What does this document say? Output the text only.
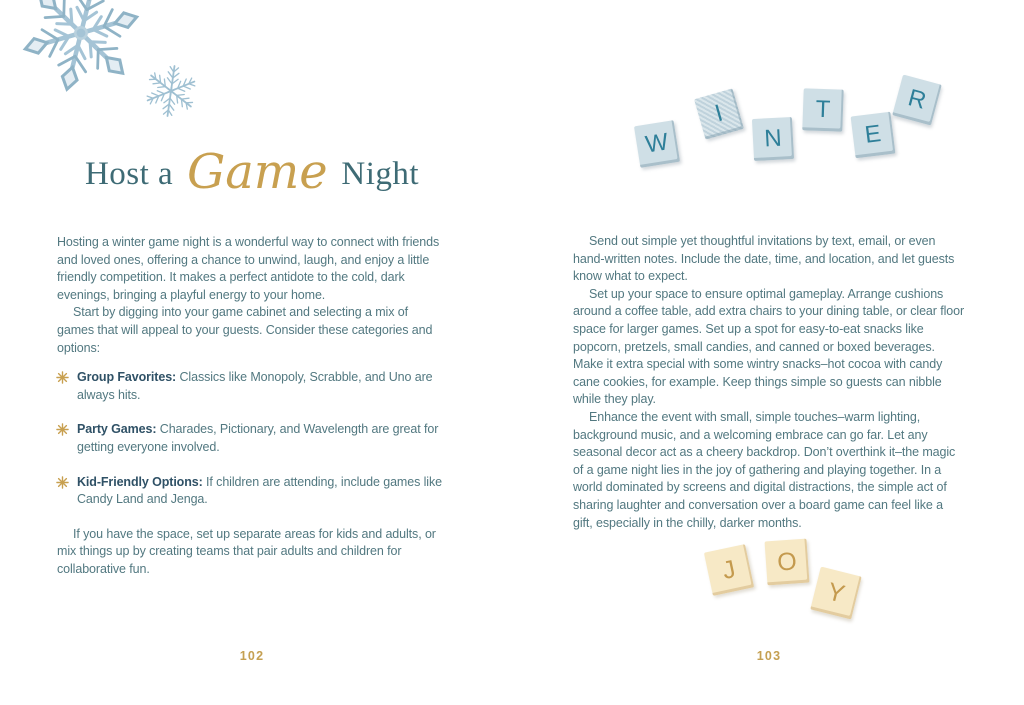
W
I
N
T
E
R
J O
Y
Host a Game Night

Hosting a winter game night is a wonderful way to connect with friends and loved ones, offering a chance to unwind, laugh, and enjoy a little friendly competition. It makes a perfect antidote to the cold, dark evenings, bringing a playful energy to your home.

Start by digging into your game cabinet and selecting a mix of games that will appeal to your guests. Consider these categories and options:

Group Favorites: Classics like Monopoly, Scrabble, and Uno are always hits.
Party Games: Charades, Pictionary, and Wavelength are great for getting everyone involved.
Kid-Friendly Options: If children are attending, include games like Candy Land and Jenga.

If you have the space, set up separate areas for kids and adults, or mix things up by creating teams that pair adults and children for collaborative fun.

Send out simple yet thoughtful invitations by text, email, or even hand-written notes. Include the date, time, and location, and let guests know what to expect.

Set up your space to ensure optimal gameplay. Arrange cushions around a coffee table, add extra chairs to your dining table, or clear floor space for larger games. Set up a spot for easy-to-eat snacks like popcorn, pretzels, small candies, and canned or boxed beverages. Make it extra special with some wintry snacks–hot cocoa with candy cane cookies, for example. Keep things simple so guests can nibble while they play.

Enhance the event with small, simple touches–warm lighting, background music, and a welcoming embrace can go far. Let any seasonal decor act as a cheery backdrop. Don’t overthink it–the magic of a game night lies in the joy of gathering and playing together. In a world dominated by screens and digital distractions, the simple act of sharing laughter and conversation over a board game can feel like a gift, especially in the chilly, darker months.

102	103
